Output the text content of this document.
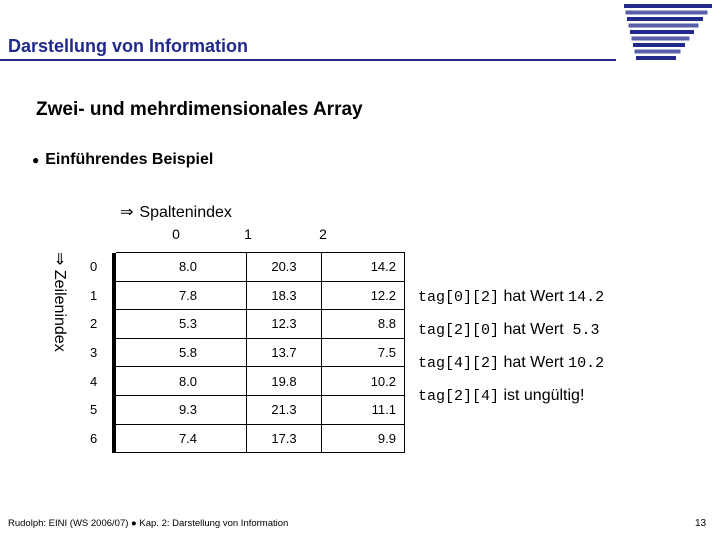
Darstellung von Information
Zwei- und mehrdimensionales Array
● Einführendes Beispiel
⇒ Spaltenindex
0	1	2
⇒ Zeilenindex
0		8.0	20.3	14.2
1		7.8	18.3	12.2
2		5.3	12.3	8.8
3		5.8	13.7	7.5
4		8.0	19.8	10.2
5		9.3	21.3	11.1
6		7.4	17.3	9.9
tag[0][2] hat Wert 14.2
tag[2][0] hat Wert  5.3
tag[4][2] hat Wert 10.2
tag[2][4] ist ungültig!
Rudolph: EINI (WS 2006/07) ● Kap. 2: Darstellung von Information	13
